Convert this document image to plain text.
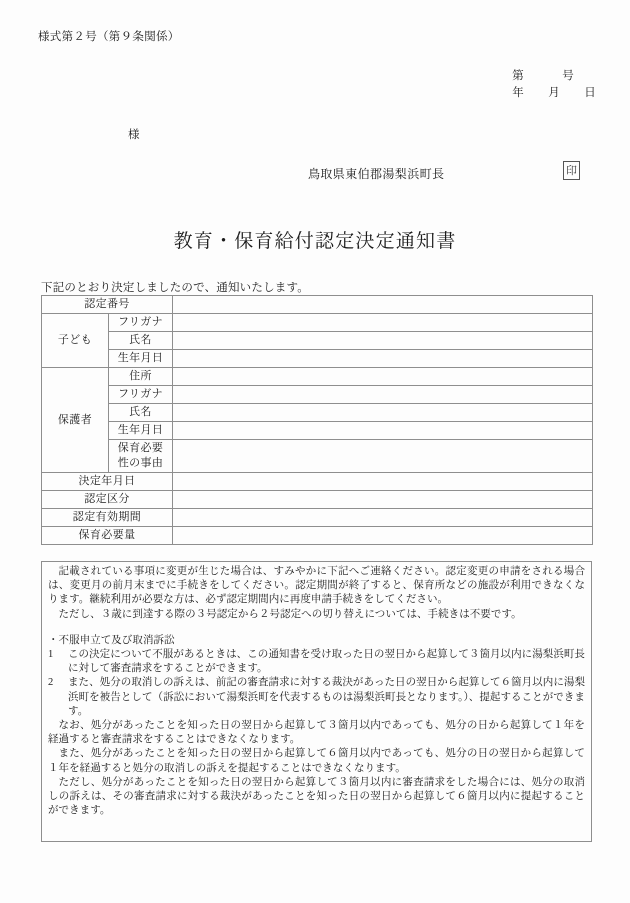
様式第２号（第９条関係）
第	号
年 月 日
様
鳥取県東伯郡湯梨浜町長	印
教育・保育給付認定決定通知書
下記のとおり決定しましたので、通知いたします。
認定番号		
子ども	フリガナ	
	氏名	
	生年月日	
保護者	住所	
	フリガナ	
	氏名	
	生年月日	
	保育必要性の事由	
決定年月日		
認定区分		
認定有効期間		
保育必要量		

記載されている事項に変更が生じた場合は、すみやかに下記へご連絡ください。認定変更の申請をされる場合は、変更月の前月末までに手続きをしてください。認定期間が終了すると、保育所などの施設が利用できなくなります。継続利用が必要な方は、必ず認定期間内に再度申請手続きをしてください。

ただし、３歳に到達する際の３号認定から２号認定への切り替えについては、手続きは不要です。

・不服申立て及び取消訴訟

1	この決定について不服があるときは、この通知書を受け取った日の翌日から起算して３箇月以内に湯梨浜町長に対して審査請求をすることができます。
2	また、処分の取消しの訴えは、前記の審査請求に対する裁決があった日の翌日から起算して６箇月以内に湯梨浜町を被告として（訴訟において湯梨浜町を代表するものは湯梨浜町長となります。）、提起することができます。

なお、処分があったことを知った日の翌日から起算して３箇月以内であっても、処分の日から起算して１年を経過すると審査請求をすることはできなくなります。

また、処分があったことを知った日の翌日から起算して６箇月以内であっても、処分の日の翌日から起算して１年を経過すると処分の取消しの訴えを提起することはできなくなります。

ただし、処分があったことを知った日の翌日から起算して３箇月以内に審査請求をした場合には、処分の取消しの訴えは、その審査請求に対する裁決があったことを知った日の翌日から起算して６箇月以内に提起することができます。
